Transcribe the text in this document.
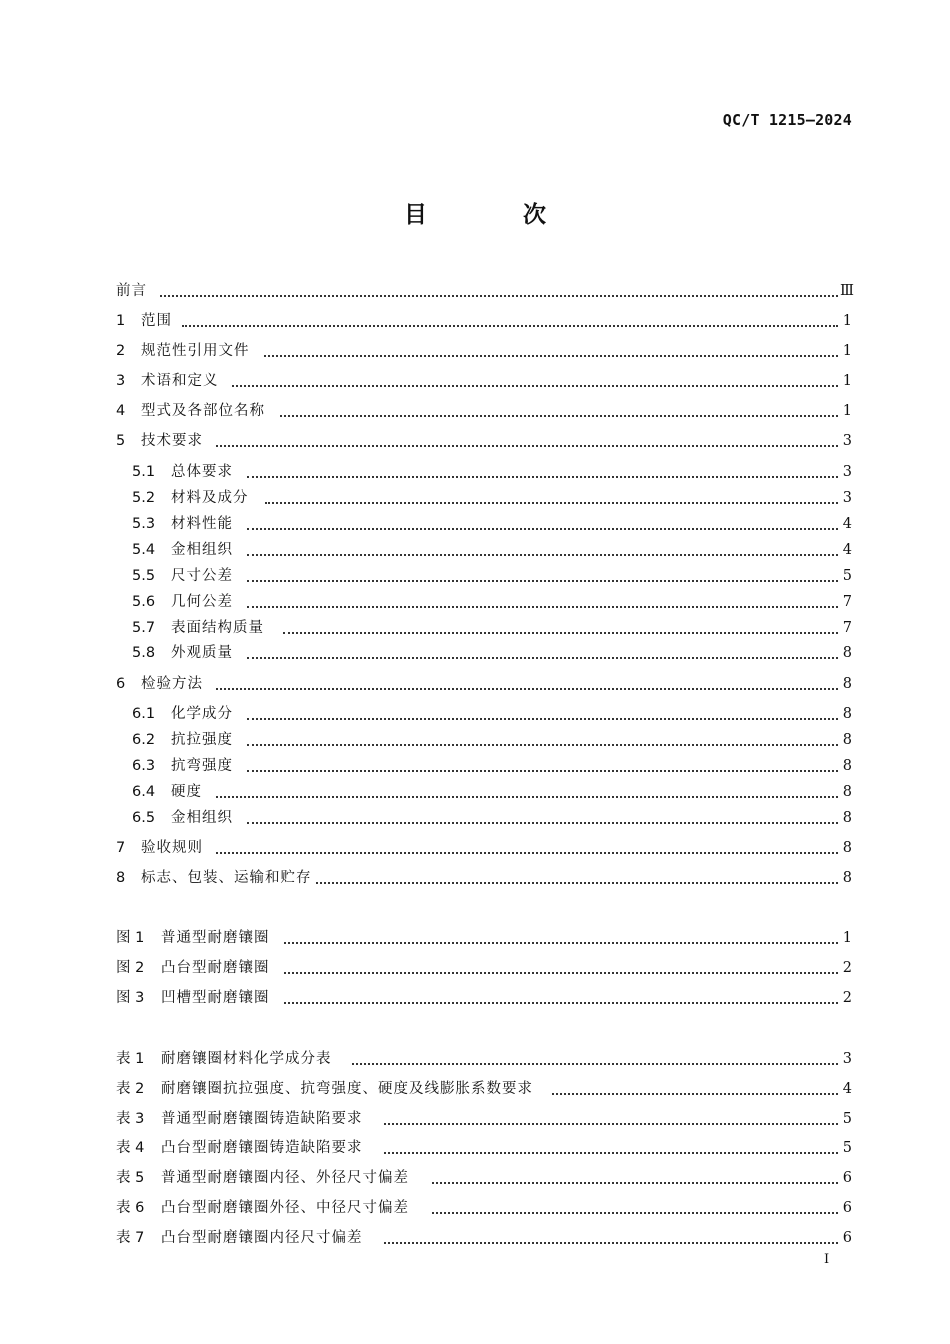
QC/T 1215—2024
目 次
前言	Ⅲ
1 范围	1
2 规范性引用文件	1
3 术语和定义	1
4 型式及各部位名称	1
5 技术要求	3
5.1 总体要求	3
5.2 材料及成分	3
5.3 材料性能	4
5.4 金相组织	4
5.5 尺寸公差	5
5.6 几何公差	7
5.7 表面结构质量	7
5.8 外观质量	8
6 检验方法	8
6.1 化学成分	8
6.2 抗拉强度	8
6.3 抗弯强度	8
6.4 硬度	8
6.5 金相组织	8
7 验收规则	8
8 标志、包装、运输和贮存	8
图 1 普通型耐磨镶圈	1
图 2 凸台型耐磨镶圈	2
图 3 凹槽型耐磨镶圈	2
表 1 耐磨镶圈材料化学成分表	3
表 2 耐磨镶圈抗拉强度、抗弯强度、硬度及线膨胀系数要求	4
表 3 普通型耐磨镶圈铸造缺陷要求	5
表 4 凸台型耐磨镶圈铸造缺陷要求	5
表 5 普通型耐磨镶圈内径、外径尺寸偏差	6
表 6 凸台型耐磨镶圈外径、中径尺寸偏差	6
表 7 凸台型耐磨镶圈内径尺寸偏差	6
I
